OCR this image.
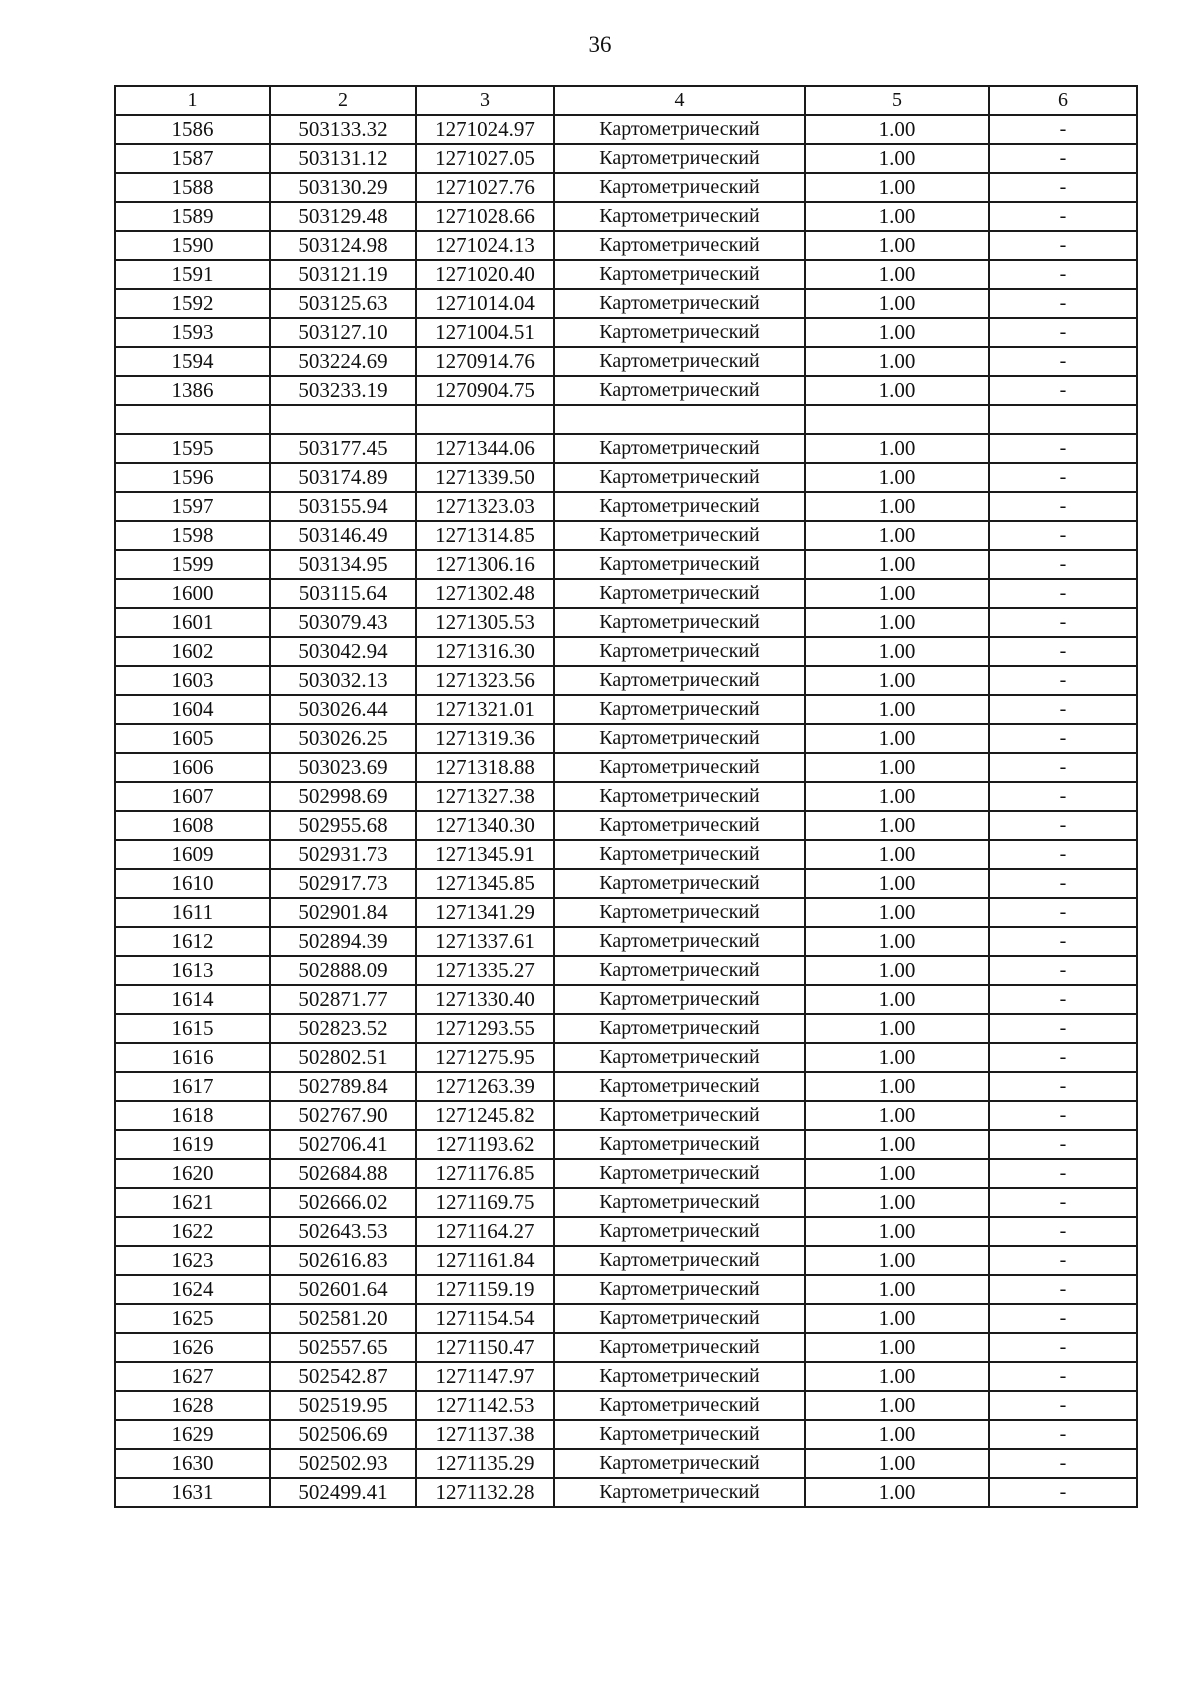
36
1	2	3	4	5	6
1586	503133.32	1271024.97	Картометрический	1.00	-
1587	503131.12	1271027.05	Картометрический	1.00	-
1588	503130.29	1271027.76	Картометрический	1.00	-
1589	503129.48	1271028.66	Картометрический	1.00	-
1590	503124.98	1271024.13	Картометрический	1.00	-
1591	503121.19	1271020.40	Картометрический	1.00	-
1592	503125.63	1271014.04	Картометрический	1.00	-
1593	503127.10	1271004.51	Картометрический	1.00	-
1594	503224.69	1270914.76	Картометрический	1.00	-
1386	503233.19	1270904.75	Картометрический	1.00	-

1595	503177.45	1271344.06	Картометрический	1.00	-
1596	503174.89	1271339.50	Картометрический	1.00	-
1597	503155.94	1271323.03	Картометрический	1.00	-
1598	503146.49	1271314.85	Картометрический	1.00	-
1599	503134.95	1271306.16	Картометрический	1.00	-
1600	503115.64	1271302.48	Картометрический	1.00	-
1601	503079.43	1271305.53	Картометрический	1.00	-
1602	503042.94	1271316.30	Картометрический	1.00	-
1603	503032.13	1271323.56	Картометрический	1.00	-
1604	503026.44	1271321.01	Картометрический	1.00	-
1605	503026.25	1271319.36	Картометрический	1.00	-
1606	503023.69	1271318.88	Картометрический	1.00	-
1607	502998.69	1271327.38	Картометрический	1.00	-
1608	502955.68	1271340.30	Картометрический	1.00	-
1609	502931.73	1271345.91	Картометрический	1.00	-
1610	502917.73	1271345.85	Картометрический	1.00	-
1611	502901.84	1271341.29	Картометрический	1.00	-
1612	502894.39	1271337.61	Картометрический	1.00	-
1613	502888.09	1271335.27	Картометрический	1.00	-
1614	502871.77	1271330.40	Картометрический	1.00	-
1615	502823.52	1271293.55	Картометрический	1.00	-
1616	502802.51	1271275.95	Картометрический	1.00	-
1617	502789.84	1271263.39	Картометрический	1.00	-
1618	502767.90	1271245.82	Картометрический	1.00	-
1619	502706.41	1271193.62	Картометрический	1.00	-
1620	502684.88	1271176.85	Картометрический	1.00	-
1621	502666.02	1271169.75	Картометрический	1.00	-
1622	502643.53	1271164.27	Картометрический	1.00	-
1623	502616.83	1271161.84	Картометрический	1.00	-
1624	502601.64	1271159.19	Картометрический	1.00	-
1625	502581.20	1271154.54	Картометрический	1.00	-
1626	502557.65	1271150.47	Картометрический	1.00	-
1627	502542.87	1271147.97	Картометрический	1.00	-
1628	502519.95	1271142.53	Картометрический	1.00	-
1629	502506.69	1271137.38	Картометрический	1.00	-
1630	502502.93	1271135.29	Картометрический	1.00	-
1631	502499.41	1271132.28	Картометрический	1.00	-
